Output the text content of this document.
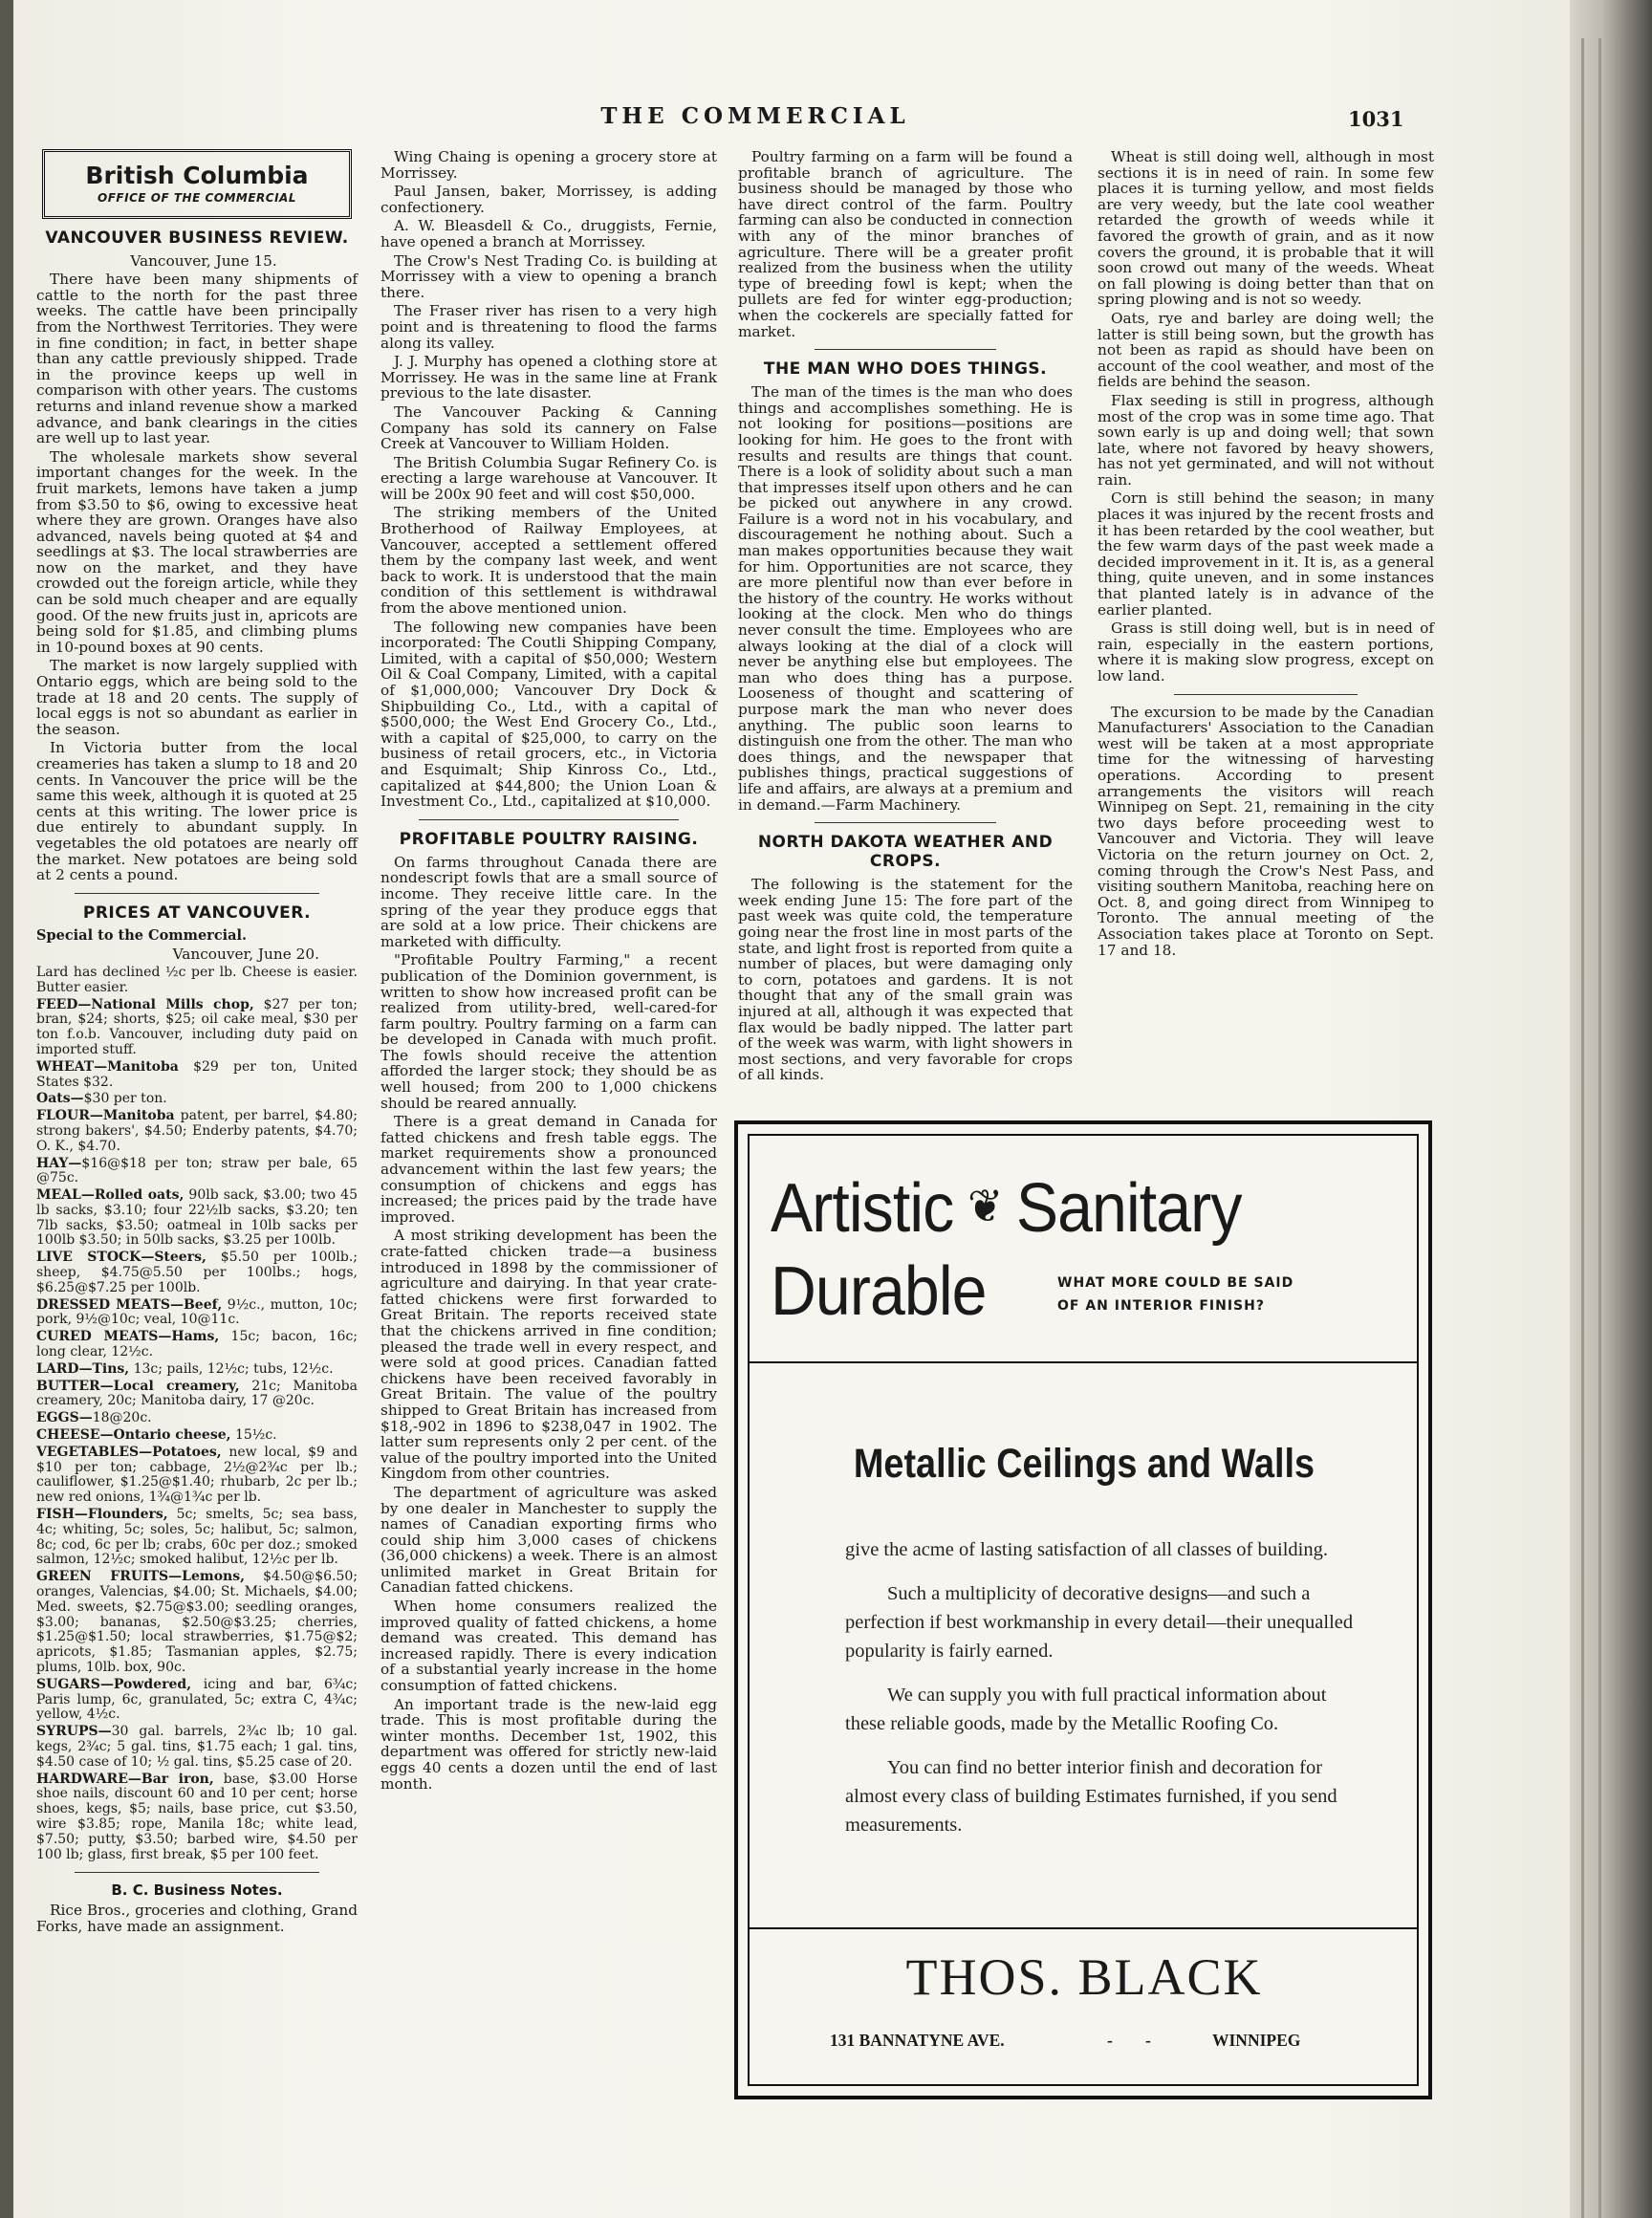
THE COMMERCIAL	1031
British Columbia
OFFICE OF THE COMMERCIAL
VANCOUVER BUSINESS REVIEW.

Vancouver, June 15.

There have been many shipments of cattle to the north for the past three weeks. The cattle have been principally from the Northwest Territories. They were in fine condition; in fact, in better shape than any cattle previously shipped. Trade in the province keeps up well in comparison with other years. The customs returns and inland revenue show a marked advance, and bank clearings in the cities are well up to last year.

The wholesale markets show several important changes for the week. In the fruit markets, lemons have taken a jump from $3.50 to $6, owing to excessive heat where they are grown. Oranges have also advanced, navels being quoted at $4 and seedlings at $3. The local strawberries are now on the market, and they have crowded out the foreign article, while they can be sold much cheaper and are equally good. Of the new fruits just in, apricots are being sold for $1.85, and climbing plums in 10-pound boxes at 90 cents.

The market is now largely supplied with Ontario eggs, which are being sold to the trade at 18 and 20 cents. The supply of local eggs is not so abundant as earlier in the season.

In Victoria butter from the local creameries has taken a slump to 18 and 20 cents. In Vancouver the price will be the same this week, although it is quoted at 25 cents at this writing. The lower price is due entirely to abundant supply. In vegetables the old potatoes are nearly off the market. New potatoes are being sold at 2 cents a pound.

PRICES AT VANCOUVER.

Special to the Commercial.

Vancouver, June 20.

Lard has declined ½c per lb. Cheese is easier. Butter easier.

FEED—National Mills chop, $27 per ton; bran, $24; shorts, $25; oil cake meal, $30 per ton f.o.b. Vancouver, including duty paid on imported stuff.

WHEAT—Manitoba $29 per ton, United States $32.

Oats—$30 per ton.

FLOUR—Manitoba patent, per barrel, $4.80; strong bakers', $4.50; Enderby patents, $4.70; O. K., $4.70.

HAY—$16@$18 per ton; straw per bale, 65 @75c.

MEAL—Rolled oats, 90lb sack, $3.00; two 45 lb sacks, $3.10; four 22½lb sacks, $3.20; ten 7lb sacks, $3.50; oatmeal in 10lb sacks per 100lb $3.50; in 50lb sacks, $3.25 per 100lb.

LIVE STOCK—Steers, $5.50 per 100lb.; sheep, $4.75@5.50 per 100lbs.; hogs, $6.25@$7.25 per 100lb.

DRESSED MEATS—Beef, 9½c., mutton, 10c; pork, 9½@10c; veal, 10@11c.

CURED MEATS—Hams, 15c; bacon, 16c; long clear, 12½c.

LARD—Tins, 13c; pails, 12½c; tubs, 12½c.

BUTTER—Local creamery, 21c; Manitoba creamery, 20c; Manitoba dairy, 17 @20c.

EGGS—18@20c.

CHEESE—Ontario cheese, 15½c.

VEGETABLES—Potatoes, new local, $9 and $10 per ton; cabbage, 2½@2¾c per lb.; cauliflower, $1.25@$1.40; rhubarb, 2c per lb.; new red onions, 1¾@1¾c per lb.

FISH—Flounders, 5c; smelts, 5c; sea bass, 4c; whiting, 5c; soles, 5c; halibut, 5c; salmon, 8c; cod, 6c per lb; crabs, 60c per doz.; smoked salmon, 12½c; smoked halibut, 12½c per lb.

GREEN FRUITS—Lemons, $4.50@$6.50; oranges, Valencias, $4.00; St. Michaels, $4.00; Med. sweets, $2.75@$3.00; seedling oranges, $3.00; bananas, $2.50@$3.25; cherries, $1.25@$1.50; local strawberries, $1.75@$2; apricots, $1.85; Tasmanian apples, $2.75; plums, 10lb. box, 90c.

SUGARS—Powdered, icing and bar, 6¾c; Paris lump, 6c, granulated, 5c; extra C, 4¾c; yellow, 4½c.

SYRUPS—30 gal. barrels, 2¾c lb; 10 gal. kegs, 2¾c; 5 gal. tins, $1.75 each; 1 gal. tins, $4.50 case of 10; ½ gal. tins, $5.25 case of 20.

HARDWARE—Bar iron, base, $3.00 Horse shoe nails, discount 60 and 10 per cent; horse shoes, kegs, $5; nails, base price, cut $3.50, wire $3.85; rope, Manila 18c; white lead, $7.50; putty, $3.50; barbed wire, $4.50 per 100 lb; glass, first break, $5 per 100 feet.

B. C. Business Notes.

Rice Bros., groceries and clothing, Grand Forks, have made an assignment.

Wing Chaing is opening a grocery store at Morrissey.

Paul Jansen, baker, Morrissey, is adding confectionery.

A. W. Bleasdell & Co., druggists, Fernie, have opened a branch at Morrissey.

The Crow's Nest Trading Co. is building at Morrissey with a view to opening a branch there.

The Fraser river has risen to a very high point and is threatening to flood the farms along its valley.

J. J. Murphy has opened a clothing store at Morrissey. He was in the same line at Frank previous to the late disaster.

The Vancouver Packing & Canning Company has sold its cannery on False Creek at Vancouver to William Holden.

The British Columbia Sugar Refinery Co. is erecting a large warehouse at Vancouver. It will be 200x 90 feet and will cost $50,000.

The striking members of the United Brotherhood of Railway Employees, at Vancouver, accepted a settlement offered them by the company last week, and went back to work. It is understood that the main condition of this settlement is withdrawal from the above mentioned union.

The following new companies have been incorporated: The Coutli Shipping Company, Limited, with a capital of $50,000; Western Oil & Coal Company, Limited, with a capital of $1,000,000; Vancouver Dry Dock & Shipbuilding Co., Ltd., with a capital of $500,000; the West End Grocery Co., Ltd., with a capital of $25,000, to carry on the business of retail grocers, etc., in Victoria and Esquimalt; Ship Kinross Co., Ltd., capitalized at $44,800; the Union Loan & Investment Co., Ltd., capitalized at $10,000.

PROFITABLE POULTRY RAISING.

On farms throughout Canada there are nondescript fowls that are a small source of income. They receive little care. In the spring of the year they produce eggs that are sold at a low price. Their chickens are marketed with difficulty.

"Profitable Poultry Farming," a recent publication of the Dominion government, is written to show how increased profit can be realized from utility-bred, well-cared-for farm poultry. Poultry farming on a farm can be developed in Canada with much profit. The fowls should receive the attention afforded the larger stock; they should be as well housed; from 200 to 1,000 chickens should be reared annually.

There is a great demand in Canada for fatted chickens and fresh table eggs. The market requirements show a pronounced advancement within the last few years; the consumption of chickens and eggs has increased; the prices paid by the trade have improved.

A most striking development has been the crate-fatted chicken trade—a business introduced in 1898 by the commissioner of agriculture and dairying. In that year crate-fatted chickens were first forwarded to Great Britain. The reports received state that the chickens arrived in fine condition; pleased the trade well in every respect, and were sold at good prices. Canadian fatted chickens have been received favorably in Great Britain. The value of the poultry shipped to Great Britain has increased from $18,-902 in 1896 to $238,047 in 1902. The latter sum represents only 2 per cent. of the value of the poultry imported into the United Kingdom from other countries.

The department of agriculture was asked by one dealer in Manchester to supply the names of Canadian exporting firms who could ship him 3,000 cases of chickens (36,000 chickens) a week. There is an almost unlimited market in Great Britain for Canadian fatted chickens.

When home consumers realized the improved quality of fatted chickens, a home demand was created. This demand has increased rapidly. There is every indication of a substantial yearly increase in the home consumption of fatted chickens.

An important trade is the new-laid egg trade. This is most profitable during the winter months. December 1st, 1902, this department was offered for strictly new-laid eggs 40 cents a dozen until the end of last month.

Poultry farming on a farm will be found a profitable branch of agriculture. The business should be managed by those who have direct control of the farm. Poultry farming can also be conducted in connection with any of the minor branches of agriculture. There will be a greater profit realized from the business when the utility type of breeding fowl is kept; when the pullets are fed for winter egg-production; when the cockerels are specially fatted for market.

THE MAN WHO DOES THINGS.

The man of the times is the man who does things and accomplishes something. He is not looking for positions—positions are looking for him. He goes to the front with results and results are things that count. There is a look of solidity about such a man that impresses itself upon others and he can be picked out anywhere in any crowd. Failure is a word not in his vocabulary, and discouragement he nothing about. Such a man makes opportunities because they wait for him. Opportunities are not scarce, they are more plentiful now than ever before in the history of the country. He works without looking at the clock. Men who do things never consult the time. Employees who are always looking at the dial of a clock will never be anything else but employees. The man who does thing has a purpose. Looseness of thought and scattering of purpose mark the man who never does anything. The public soon learns to distinguish one from the other. The man who does things, and the newspaper that publishes things, practical suggestions of life and affairs, are always at a premium and in demand.—Farm Machinery.

NORTH DAKOTA WEATHER AND CROPS.

The following is the statement for the week ending June 15: The fore part of the past week was quite cold, the temperature going near the frost line in most parts of the state, and light frost is reported from quite a number of places, but were damaging only to corn, potatoes and gardens. It is not thought that any of the small grain was injured at all, although it was expected that flax would be badly nipped. The latter part of the week was warm, with light showers in most sections, and very favorable for crops of all kinds.

Wheat is still doing well, although in most sections it is in need of rain. In some few places it is turning yellow, and most fields are very weedy, but the late cool weather retarded the growth of weeds while it favored the growth of grain, and as it now covers the ground, it is probable that it will soon crowd out many of the weeds. Wheat on fall plowing is doing better than that on spring plowing and is not so weedy.

Oats, rye and barley are doing well; the latter is still being sown, but the growth has not been as rapid as should have been on account of the cool weather, and most of the fields are behind the season.

Flax seeding is still in progress, although most of the crop was in some time ago. That sown early is up and doing well; that sown late, where not favored by heavy showers, has not yet germinated, and will not without rain.

Corn is still behind the season; in many places it was injured by the recent frosts and it has been retarded by the cool weather, but the few warm days of the past week made a decided improvement in it. It is, as a general thing, quite uneven, and in some instances that planted lately is in advance of the earlier planted.

Grass is still doing well, but is in need of rain, especially in the eastern portions, where it is making slow progress, except on low land.

The excursion to be made by the Canadian Manufacturers' Association to the Canadian west will be taken at a most appropriate time for the witnessing of harvesting operations. According to present arrangements the visitors will reach Winnipeg on Sept. 21, remaining in the city two days before proceeding west to Vancouver and Victoria. They will leave Victoria on the return journey on Oct. 2, coming through the Crow's Nest Pass, and visiting southern Manitoba, reaching here on Oct. 8, and going direct from Winnipeg to Toronto. The annual meeting of the Association takes place at Toronto on Sept. 17 and 18.

Artistic ❦ Sanitary
Durable	WHAT MORE COULD BE SAID
OF AN INTERIOR FINISH?
Metallic Ceilings and Walls

give the acme of lasting satisfaction of all classes of building.

Such a multiplicity of decorative designs—and such a perfection if best workmanship in every detail—their unequalled popularity is fairly earned.

We can supply you with full practical information about these reliable goods, made by the Metallic Roofing Co.

You can find no better interior finish and decoration for almost every class of building Estimates furnished, if you send measurements.

THOS. BLACK
131 BANNATYNE AVE.	- -	WINNIPEG
